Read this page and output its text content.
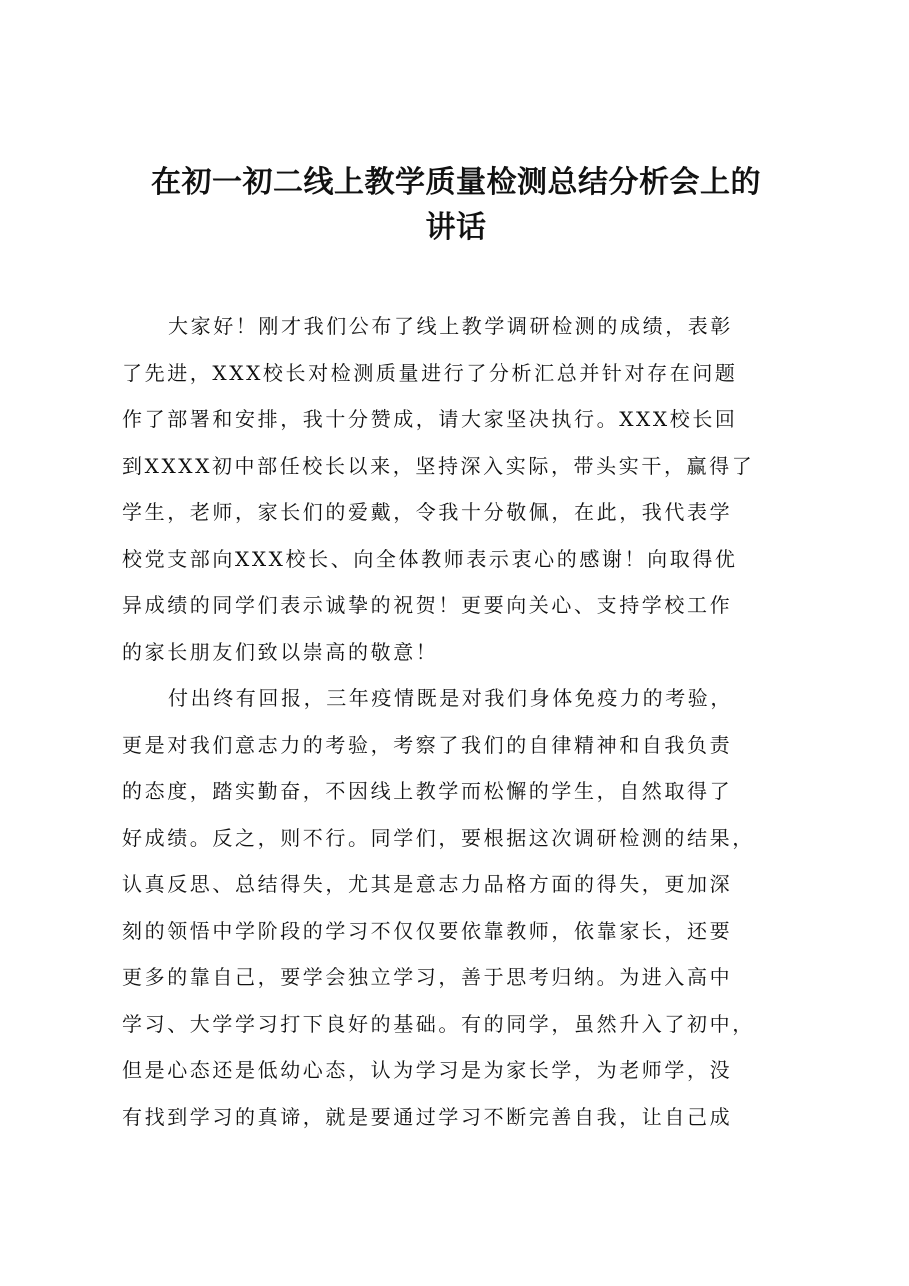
在初一初二线上教学质量检测总结分析会上的
讲话
大家好！刚才我们公布了线上教学调研检测的成绩，表彰
了先进，XXX校长对检测质量进行了分析汇总并针对存在问题
作了部署和安排，我十分赞成，请大家坚决执行。XXX校长回
到XXXX初中部任校长以来，坚持深入实际，带头实干，赢得了
学生，老师，家长们的爱戴，令我十分敬佩，在此，我代表学
校党支部向XXX校长、向全体教师表示衷心的感谢！向取得优
异成绩的同学们表示诚挚的祝贺！更要向关心、支持学校工作
的家长朋友们致以崇高的敬意！
付出终有回报，三年疫情既是对我们身体免疫力的考验，
更是对我们意志力的考验，考察了我们的自律精神和自我负责
的态度，踏实勤奋，不因线上教学而松懈的学生，自然取得了
好成绩。反之，则不行。同学们，要根据这次调研检测的结果，
认真反思、总结得失，尤其是意志力品格方面的得失，更加深
刻的领悟中学阶段的学习不仅仅要依靠教师，依靠家长，还要
更多的靠自己，要学会独立学习，善于思考归纳。为进入高中
学习、大学学习打下良好的基础。有的同学，虽然升入了初中，
但是心态还是低幼心态，认为学习是为家长学，为老师学，没
有找到学习的真谛，就是要通过学习不断完善自我，让自己成
